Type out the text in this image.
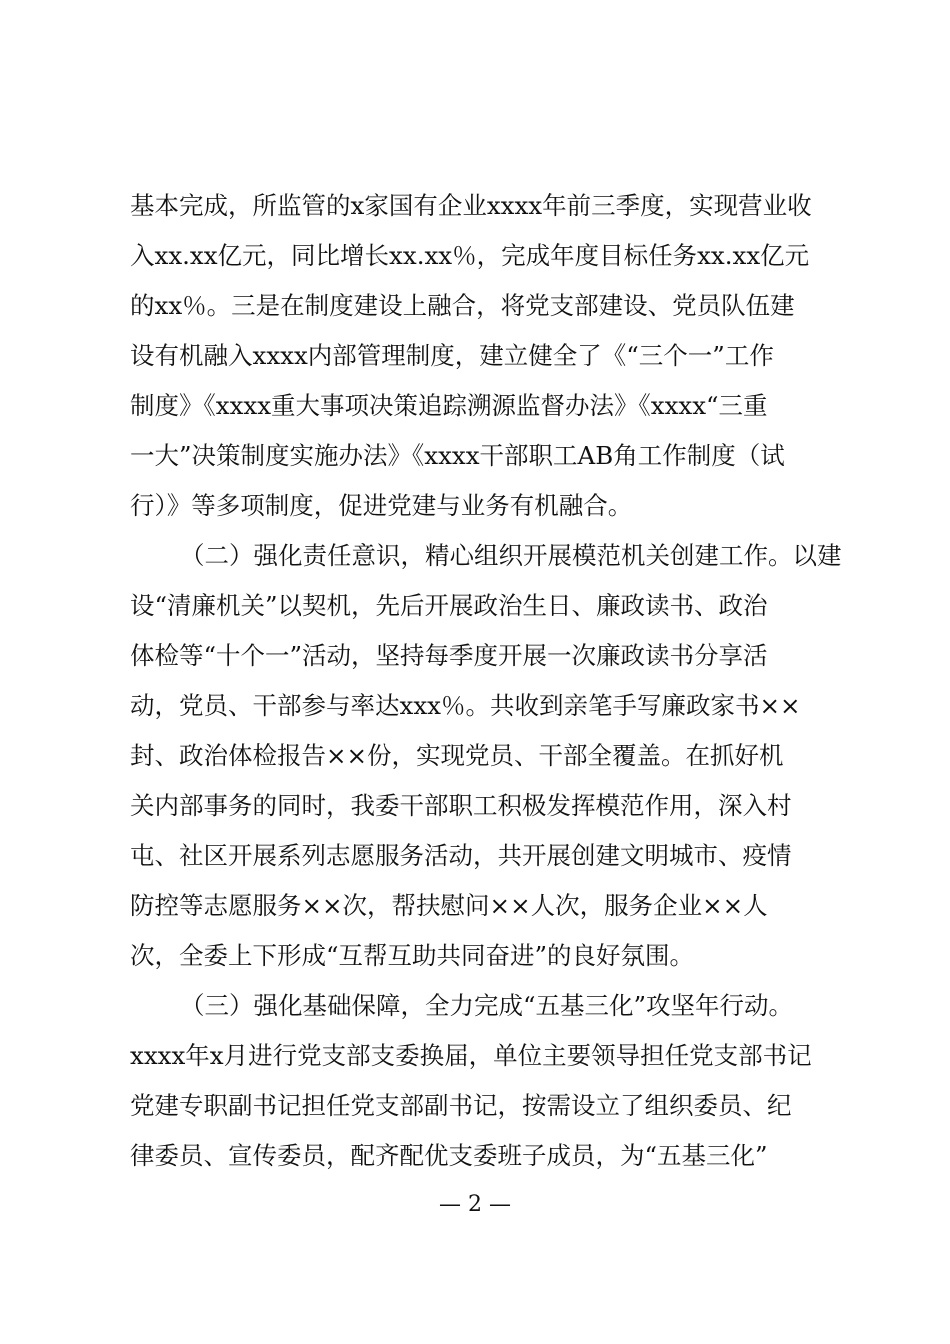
基本完成，所监管的x家国有企业xxxx年前三季度，实现营业收
入xx.xx亿元，同比增长xx.xx％，完成年度目标任务xx.xx亿元
的xx％。三是在制度建设上融合，将党支部建设、党员队伍建
设有机融入xxxx内部管理制度，建立健全了《“三个一”工作
制度》《xxxx重大事项决策追踪溯源监督办法》《xxxx“三重
一大”决策制度实施办法》《xxxx干部职工AB角工作制度（试
行）》等多项制度，促进党建与业务有机融合。
（二）强化责任意识，精心组织开展模范机关创建工作。以建
设“清廉机关”以契机，先后开展政治生日、廉政读书、政治
体检等“十个一”活动，坚持每季度开展一次廉政读书分享活
动，党员、干部参与率达xxx％。共收到亲笔手写廉政家书××
封、政治体检报告××份，实现党员、干部全覆盖。在抓好机
关内部事务的同时，我委干部职工积极发挥模范作用，深入村
屯、社区开展系列志愿服务活动，共开展创建文明城市、疫情
防控等志愿服务××次，帮扶慰问××人次，服务企业××人
次，全委上下形成“互帮互助共同奋进”的良好氛围。
（三）强化基础保障，全力完成“五基三化”攻坚年行动。
xxxx年x月进行党支部支委换届，单位主要领导担任党支部书记
党建专职副书记担任党支部副书记，按需设立了组织委员、纪
律委员、宣传委员，配齐配优支委班子成员，为“五基三化”
— 2 —
